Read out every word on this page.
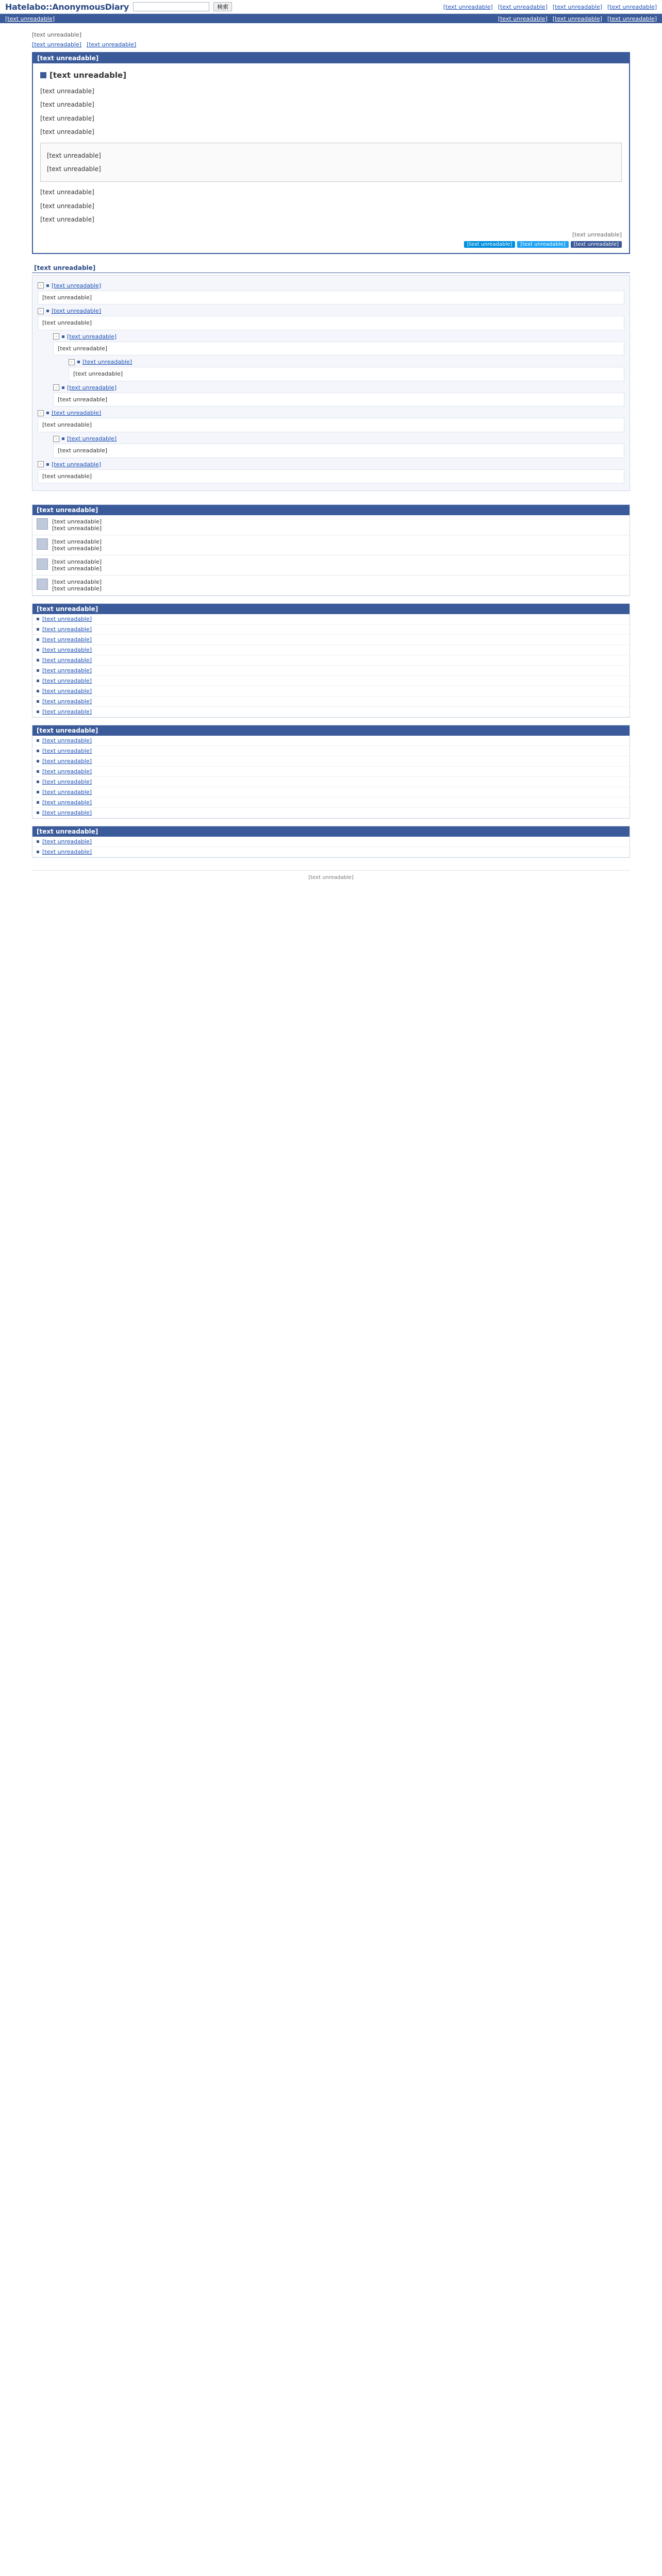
Hatelabo::AnonymousDiary	検索	[text unreadable] [text unreadable] [text unreadable] [text unreadable]
[text unreadable]	[text unreadable] [text unreadable] [text unreadable]
[text unreadable]
[text unreadable] [text unreadable]
[text unreadable]
[text unreadable]

[text unreadable]

[text unreadable]

[text unreadable]

[text unreadable]

[text unreadable]

[text unreadable]

[text unreadable]

[text unreadable]

[text unreadable]

[text unreadable]
[text unreadable]	[text unreadable]	[text unreadable]
[text unreadable]
-	[text unreadable]
[text unreadable]
-	[text unreadable]
[text unreadable]
-	[text unreadable]
[text unreadable]
-	[text unreadable]
[text unreadable]
-	[text unreadable]
[text unreadable]
-	[text unreadable]
[text unreadable]
-	[text unreadable]
[text unreadable]
-	[text unreadable]
[text unreadable]
[text unreadable]
[text unreadable]
[text unreadable]
[text unreadable]
[text unreadable]
[text unreadable]
[text unreadable]
[text unreadable]
[text unreadable]
[text unreadable]
[text unreadable]
[text unreadable]
[text unreadable]
[text unreadable]
[text unreadable]
[text unreadable]
[text unreadable]
[text unreadable]
[text unreadable]
[text unreadable]
[text unreadable]
[text unreadable]
[text unreadable]
[text unreadable]
[text unreadable]
[text unreadable]
[text unreadable]
[text unreadable]
[text unreadable]
[text unreadable]
[text unreadable]
[text unreadable]
[text unreadable]
